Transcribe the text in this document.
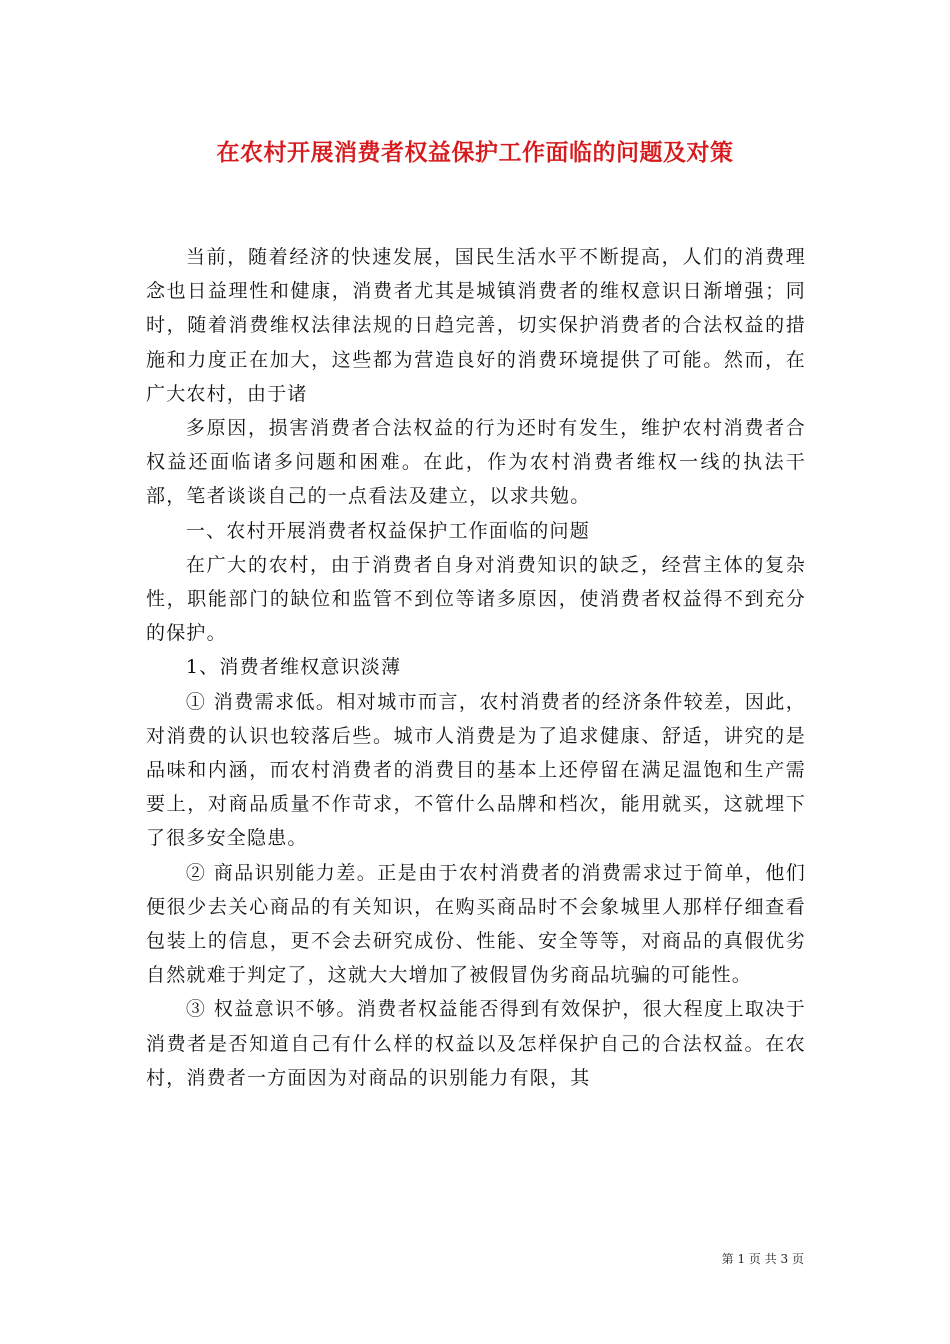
在农村开展消费者权益保护工作面临的问题及对策

当前，随着经济的快速发展，国民生活水平不断提高，人们的消费理念也日益理性和健康，消费者尤其是城镇消费者的维权意识日渐增强；同时，随着消费维权法律法规的日趋完善，切实保护消费者的合法权益的措施和力度正在加大，这些都为营造良好的消费环境提供了可能。然而，在广大农村，由于诸

多原因，损害消费者合法权益的行为还时有发生，维护农村消费者合权益还面临诸多问题和困难。在此，作为农村消费者维权一线的执法干部，笔者谈谈自己的一点看法及建立，以求共勉。

一、农村开展消费者权益保护工作面临的问题

在广大的农村，由于消费者自身对消费知识的缺乏，经营主体的复杂性，职能部门的缺位和监管不到位等诸多原因，使消费者权益得不到充分的保护。

1、消费者维权意识淡薄

① 消费需求低。相对城市而言，农村消费者的经济条件较差，因此，对消费的认识也较落后些。城市人消费是为了追求健康、舒适，讲究的是品味和内涵，而农村消费者的消费目的基本上还停留在满足温饱和生产需要上，对商品质量不作苛求，不管什么品牌和档次，能用就买，这就埋下了很多安全隐患。

② 商品识别能力差。正是由于农村消费者的消费需求过于简单，他们便很少去关心商品的有关知识，在购买商品时不会象城里人那样仔细查看包装上的信息，更不会去研究成份、性能、安全等等，对商品的真假优劣自然就难于判定了，这就大大增加了被假冒伪劣商品坑骗的可能性。

③ 权益意识不够。消费者权益能否得到有效保护，很大程度上取决于消费者是否知道自己有什么样的权益以及怎样保护自己的合法权益。在农村，消费者一方面因为对商品的识别能力有限，其

第 1 页 共 3 页
